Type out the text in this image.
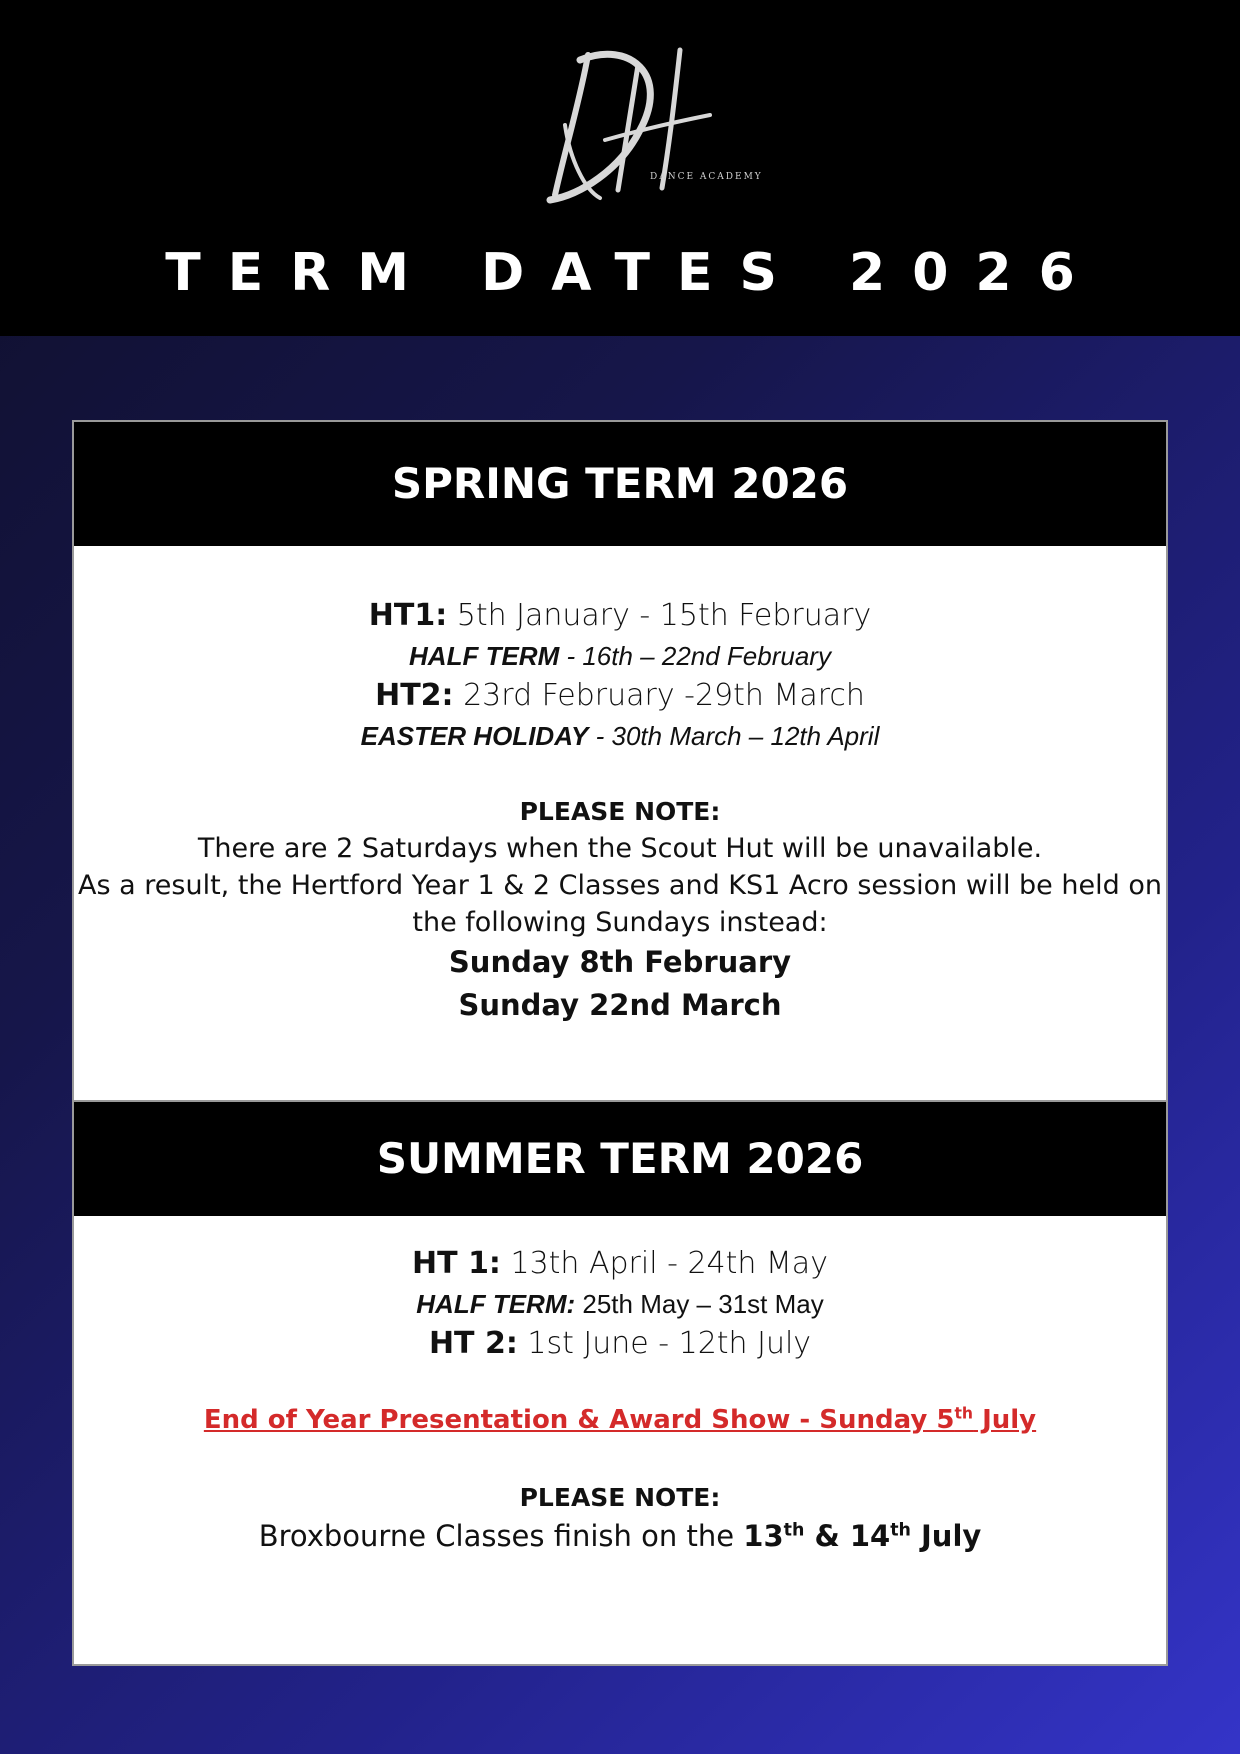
DANCE ACADEMY
TERM DATES 2026
SPRING TERM 2026
HT1: 5th January - 15th February
HALF TERM - 16th – 22nd February
HT2: 23rd February -29th March
EASTER HOLIDAY - 30th March – 12th April
PLEASE NOTE:
There are 2 Saturdays when the Scout Hut will be unavailable.
As a result, the Hertford Year 1 & 2 Classes and KS1 Acro session will be held on
the following Sundays instead:
Sunday 8th February
Sunday 22nd March
SUMMER TERM 2026
HT 1: 13th April - 24th May
HALF TERM: 25th May – 31st May
HT 2: 1st June - 12th July
End of Year Presentation & Award Show - Sunday 5th July
PLEASE NOTE:
Broxbourne Classes finish on the 13th & 14th July
